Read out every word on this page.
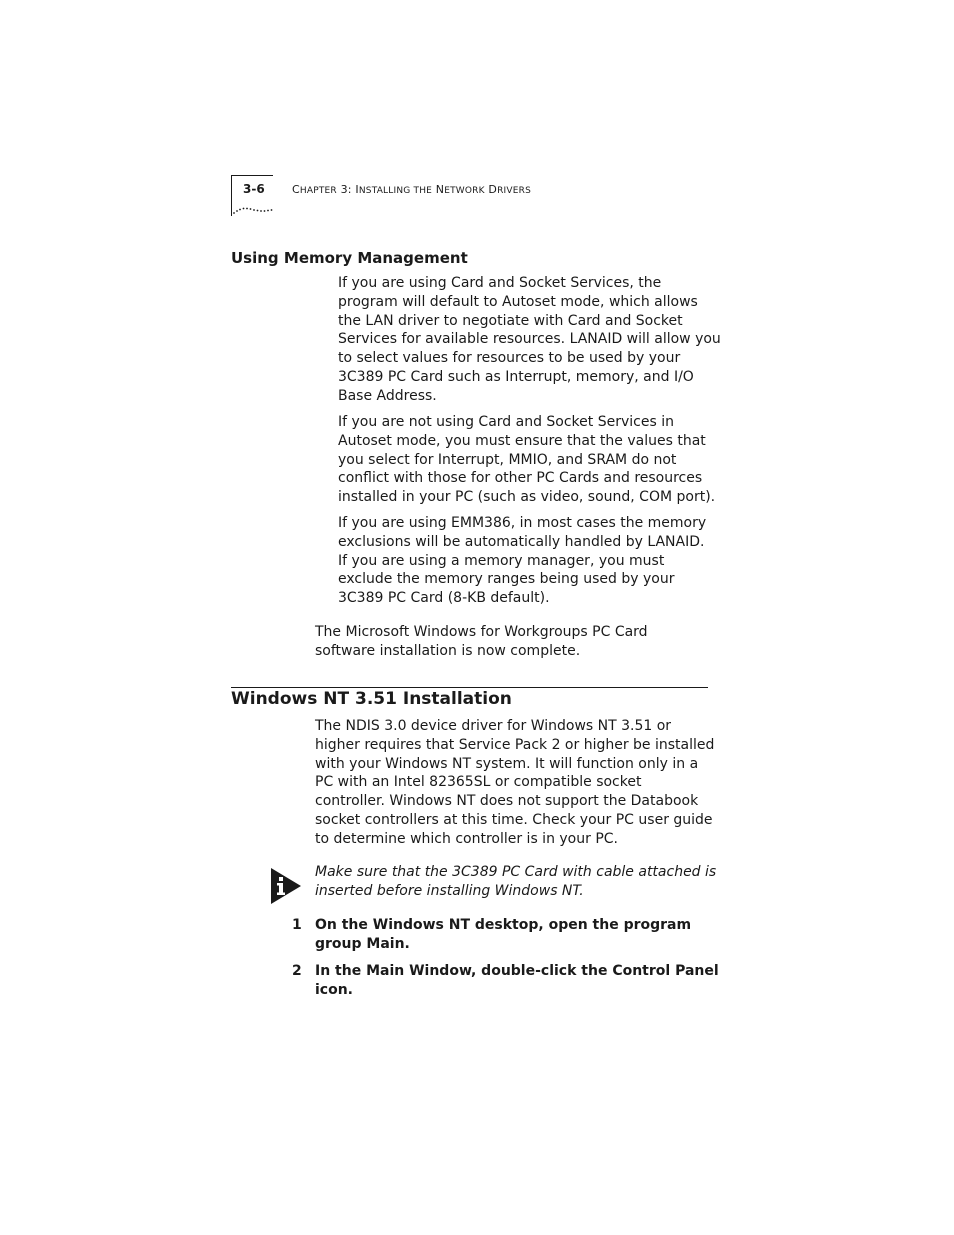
3-6 CHAPTER 3: INSTALLING THE NETWORK DRIVERS
Using Memory Management
If you are using Card and Socket Services, the
program will default to Autoset mode, which allows
the LAN driver to negotiate with Card and Socket
Services for available resources. LANAID will allow you
to select values for resources to be used by your
3C389 PC Card such as Interrupt, memory, and I/O
Base Address.
If you are not using Card and Socket Services in
Autoset mode, you must ensure that the values that
you select for Interrupt, MMIO, and SRAM do not
conflict with those for other PC Cards and resources
installed in your PC (such as video, sound, COM port).
If you are using EMM386, in most cases the memory
exclusions will be automatically handled by LANAID.
If you are using a memory manager, you must
exclude the memory ranges being used by your
3C389 PC Card (8-KB default).
The Microsoft Windows for Workgroups PC Card
software installation is now complete.
Windows NT 3.51 Installation
The NDIS 3.0 device driver for Windows NT 3.51 or
higher requires that Service Pack 2 or higher be installed
with your Windows NT system. It will function only in a
PC with an Intel 82365SL or compatible socket
controller. Windows NT does not support the Databook
socket controllers at this time. Check your PC user guide
to determine which controller is in your PC.
Make sure that the 3C389 PC Card with cable attached is
inserted before installing Windows NT.
1 On the Windows NT desktop, open the program
group Main.
2 In the Main Window, double-click the Control Panel
icon.
